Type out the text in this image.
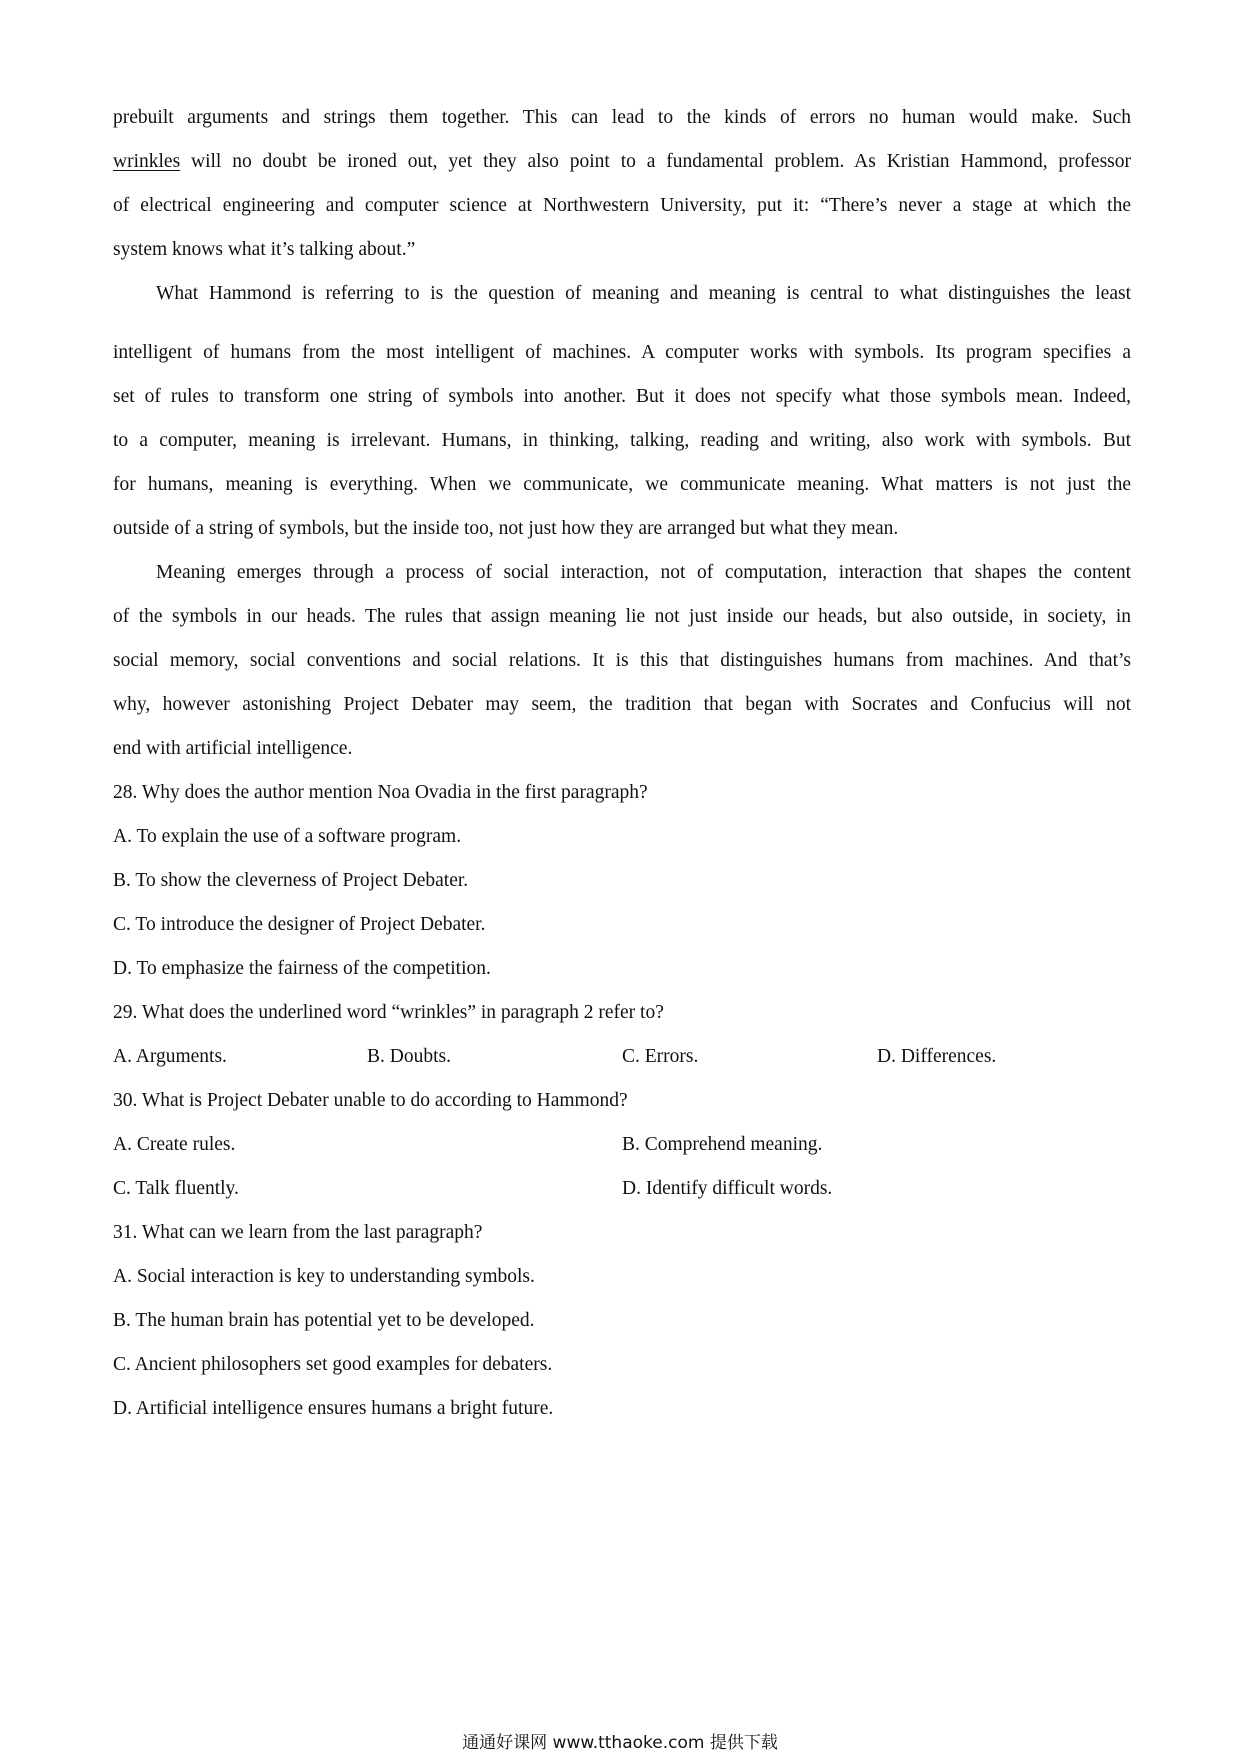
prebuilt arguments and strings them together. This can lead to the kinds of errors no human would make. Such
wrinkles will no doubt be ironed out, yet they also point to a fundamental problem. As Kristian Hammond, professor
of electrical engineering and computer science at Northwestern University, put it: “There’s never a stage at which the
system knows what it’s talking about.”
What Hammond is referring to is the question of meaning and meaning is central to what distinguishes the least
intelligent of humans from the most intelligent of machines. A computer works with symbols. Its program specifies a
set of rules to transform one string of symbols into another. But it does not specify what those symbols mean. Indeed,
to a computer, meaning is irrelevant. Humans, in thinking, talking, reading and writing, also work with symbols. But
for humans, meaning is everything. When we communicate, we communicate meaning. What matters is not just the
outside of a string of symbols, but the inside too, not just how they are arranged but what they mean.
Meaning emerges through a process of social interaction, not of computation, interaction that shapes the content
of the symbols in our heads. The rules that assign meaning lie not just inside our heads, but also outside, in society, in
social memory, social conventions and social relations. It is this that distinguishes humans from machines. And that’s
why, however astonishing Project Debater may seem, the tradition that began with Socrates and Confucius will not
end with artificial intelligence.
28. Why does the author mention Noa Ovadia in the first paragraph?
A. To explain the use of a software program.
B. To show the cleverness of Project Debater.
C. To introduce the designer of Project Debater.
D. To emphasize the fairness of the competition.
29. What does the underlined word “wrinkles” in paragraph 2 refer to?
A. Arguments.	B. Doubts.	C. Errors.	D. Differences.
30. What is Project Debater unable to do according to Hammond?
A. Create rules.	B. Comprehend meaning.
C. Talk fluently.	D. Identify difficult words.
31. What can we learn from the last paragraph?
A. Social interaction is key to understanding symbols.
B. The human brain has potential yet to be developed.
C. Ancient philosophers set good examples for debaters.
D. Artificial intelligence ensures humans a bright future.
通通好课网 www.tthaoke.com 提供下载
